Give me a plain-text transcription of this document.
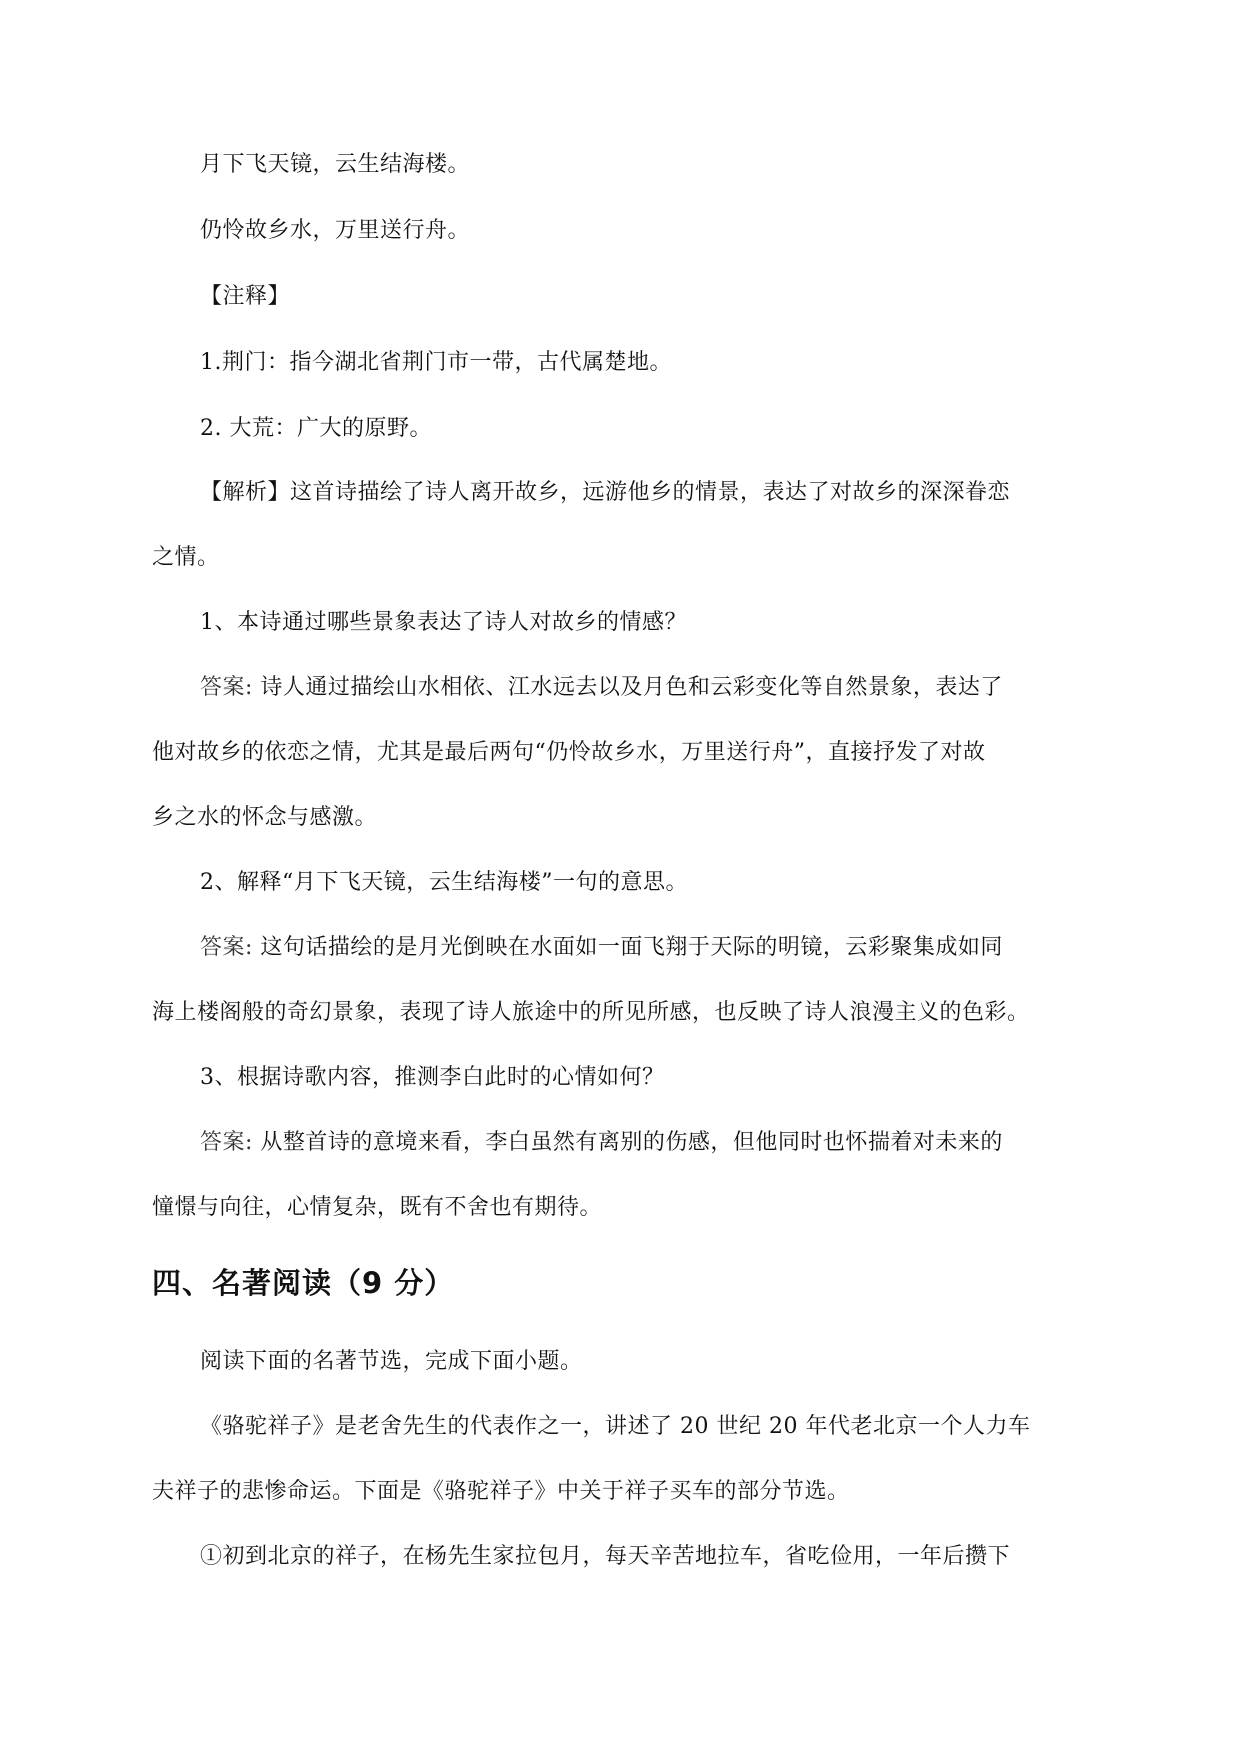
月下飞天镜，云生结海楼。
仍怜故乡水，万里送行舟。
【注释】
1.荆门：指今湖北省荆门市一带，古代属楚地。
2. 大荒：广大的原野。
【解析】这首诗描绘了诗人离开故乡，远游他乡的情景，表达了对故乡的深深眷恋
之情。
1、本诗通过哪些景象表达了诗人对故乡的情感？
答案: 诗人通过描绘山水相依、江水远去以及月色和云彩变化等自然景象，表达了
他对故乡的依恋之情，尤其是最后两句“仍怜故乡水，万里送行舟”，直接抒发了对故
乡之水的怀念与感激。
2、解释“月下飞天镜，云生结海楼”一句的意思。
答案: 这句话描绘的是月光倒映在水面如一面飞翔于天际的明镜，云彩聚集成如同
海上楼阁般的奇幻景象，表现了诗人旅途中的所见所感，也反映了诗人浪漫主义的色彩。
3、根据诗歌内容，推测李白此时的心情如何？
答案: 从整首诗的意境来看，李白虽然有离别的伤感，但他同时也怀揣着对未来的
憧憬与向往，心情复杂，既有不舍也有期待。
四、名著阅读（9 分）
阅读下面的名著节选，完成下面小题。
《骆驼祥子》是老舍先生的代表作之一，讲述了 20 世纪 20 年代老北京一个人力车
夫祥子的悲惨命运。下面是《骆驼祥子》中关于祥子买车的部分节选。
①初到北京的祥子，在杨先生家拉包月，每天辛苦地拉车，省吃俭用，一年后攒下
